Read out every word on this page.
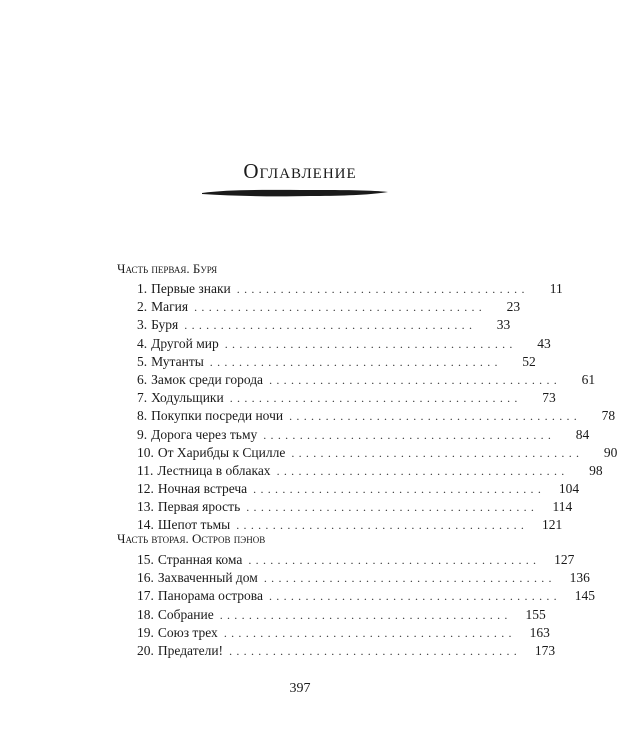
Оглавление
Часть первая. Буря
1. Первые знаки ........................................	11
2. Магия ........................................	23
3. Буря ........................................	33
4. Другой мир ........................................	43
5. Мутанты ........................................	52
6. Замок среди города ........................................	61
7. Ходульщики ........................................	73
8. Покупки посреди ночи ........................................	78
9. Дорога через тьму ........................................	84
10. От Харибды к Сцилле ........................................	90
11. Лестница в облаках ........................................	98
12. Ночная встреча ........................................	104
13. Первая ярость ........................................	114
14. Шепот тьмы ........................................	121
Часть вторая. Остров пэнов
15. Странная кома ........................................	127
16. Захваченный дом ........................................	136
17. Панорама острова ........................................	145
18. Собрание ........................................	155
19. Союз трех ........................................	163
20. Предатели! ........................................	173
397
